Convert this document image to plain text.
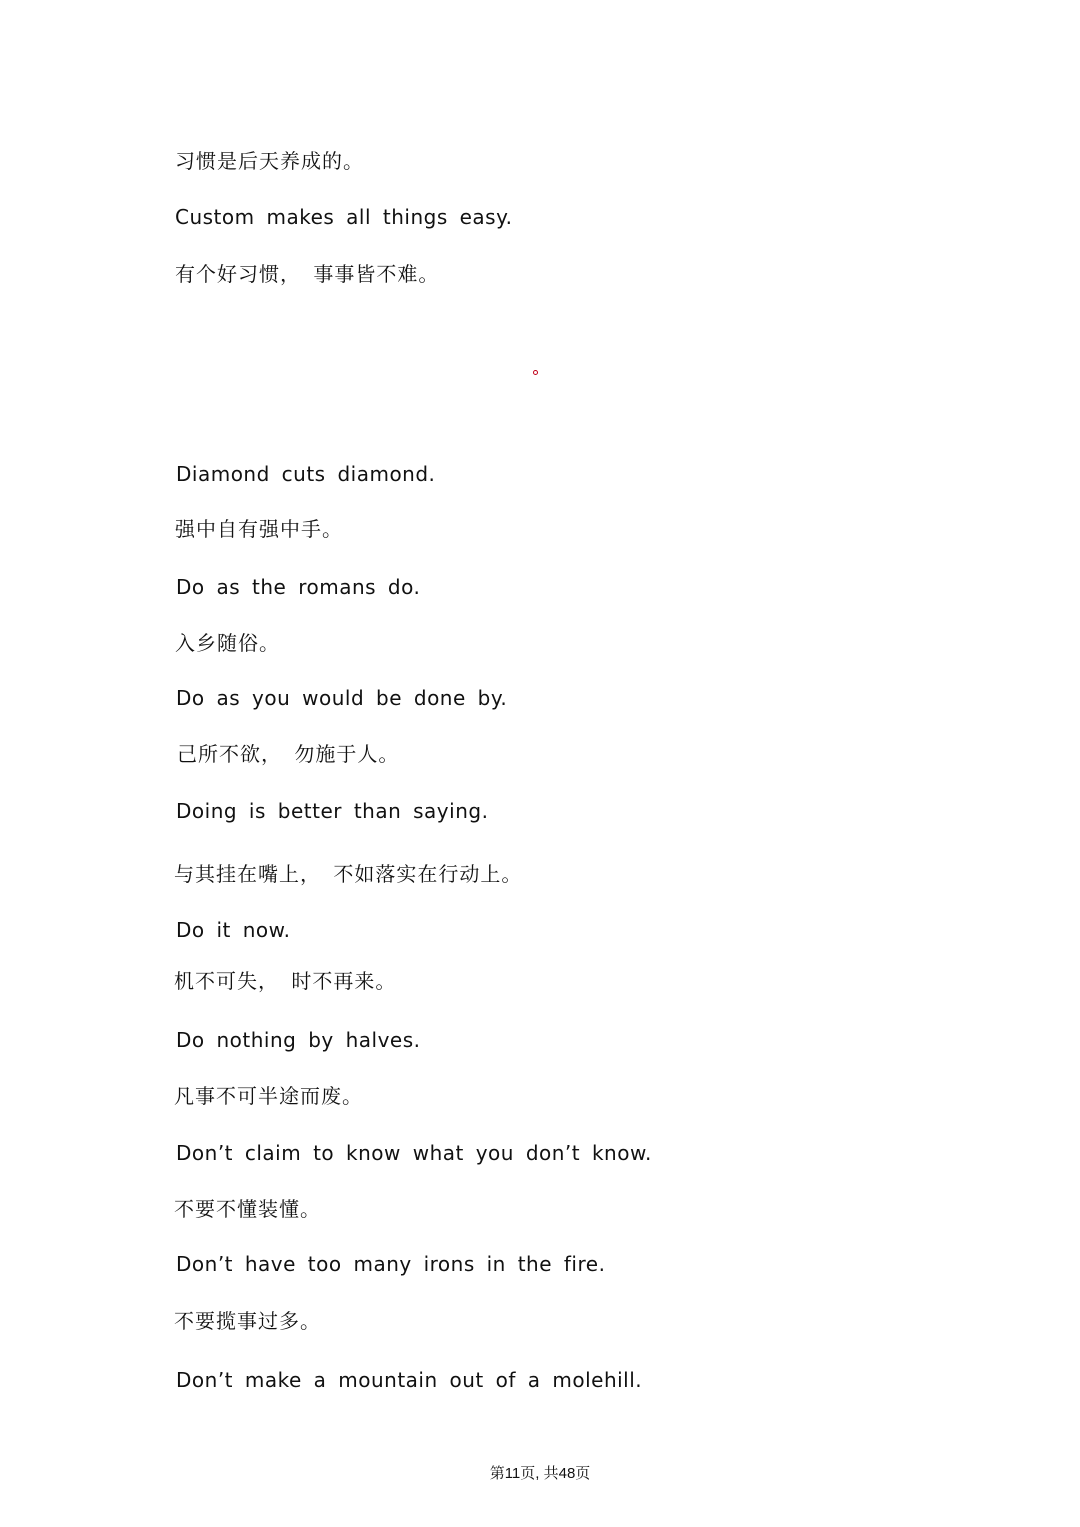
习惯是后天养成的。
Custom makes all things easy.
有个好习惯， 事事皆不难。
Diamond cuts diamond.
强中自有强中手。
Do as the romans do.
入乡随俗。
Do as you would be done by.
己所不欲， 勿施于人。
Doing is better than saying.
与其挂在嘴上， 不如落实在行动上。
Do it now.
机不可失， 时不再来。
Do nothing by halves.
凡事不可半途而废。
Don’t claim to know what you don’t know.
不要不懂装懂。
Don’t have too many irons in the fire.
不要揽事过多。
Don’t make a mountain out of a molehill.
第11页, 共48页
